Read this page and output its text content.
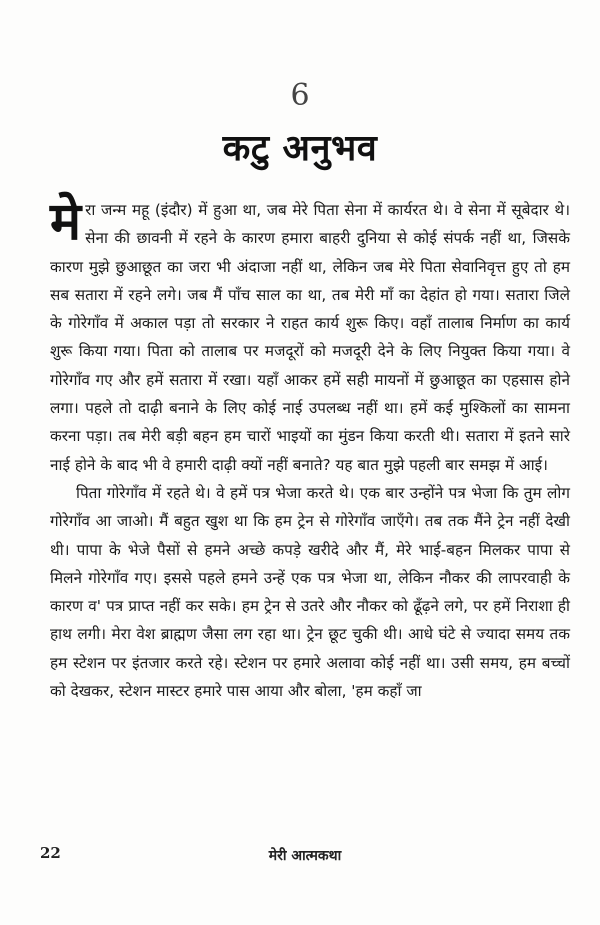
6
कटु अनुभव

मेरा जन्म महू (इंदौर) में हुआ था, जब मेरे पिता सेना में कार्यरत थे। वे सेना में सूबेदार थे। सेना की छावनी में रहने के कारण हमारा बाहरी दुनिया से कोई संपर्क नहीं था, जिसके कारण मुझे छुआछूत का जरा भी अंदाजा नहीं था, लेकिन जब मेरे पिता सेवानिवृत्त हुए तो हम सब सतारा में रहने लगे। जब मैं पाँच साल का था, तब मेरी माँ का देहांत हो गया। सतारा जिले के गोरेगाँव में अकाल पड़ा तो सरकार ने राहत कार्य शुरू किए। वहाँ तालाब निर्माण का कार्य शुरू किया गया। पिता को तालाब पर मजदूरों को मजदूरी देने के लिए नियुक्त किया गया। वे गोरेगाँव गए और हमें सतारा में रखा। यहाँ आकर हमें सही मायनों में छुआछूत का एहसास होने लगा। पहले तो दाढ़ी बनाने के लिए कोई नाई उपलब्ध नहीं था। हमें कई मुश्किलों का सामना करना पड़ा। तब मेरी बड़ी बहन हम चारों भाइयों का मुंडन किया करती थी। सतारा में इतने सारे नाई होने के बाद भी वे हमारी दाढ़ी क्यों नहीं बनाते? यह बात मुझे पहली बार समझ में आई।

पिता गोरेगाँव में रहते थे। वे हमें पत्र भेजा करते थे। एक बार उन्होंने पत्र भेजा कि तुम लोग गोरेगाँव आ जाओ। मैं बहुत खुश था कि हम ट्रेन से गोरेगाँव जाएँगे। तब तक मैंने ट्रेन नहीं देखी थी। पापा के भेजे पैसों से हमने अच्छे कपड़े खरीदे और मैं, मेरे भाई-बहन मिलकर पापा से मिलने गोरेगाँव गए। इससे पहले हमने उन्हें एक पत्र भेजा था, लेकिन नौकर की लापरवाही के कारण व' पत्र प्राप्त नहीं कर सके। हम ट्रेन से उतरे और नौकर को ढूँढ़ने लगे, पर हमें निराशा ही हाथ लगी। मेरा वेश ब्राह्मण जैसा लग रहा था। ट्रेन छूट चुकी थी। आधे घंटे से ज्यादा समय तक हम स्टेशन पर इंतजार करते रहे। स्टेशन पर हमारे अलावा कोई नहीं था। उसी समय, हम बच्चों को देखकर, स्टेशन मास्टर हमारे पास आया और बोला, 'हम कहाँ जा

22	मेरी आत्मकथा
